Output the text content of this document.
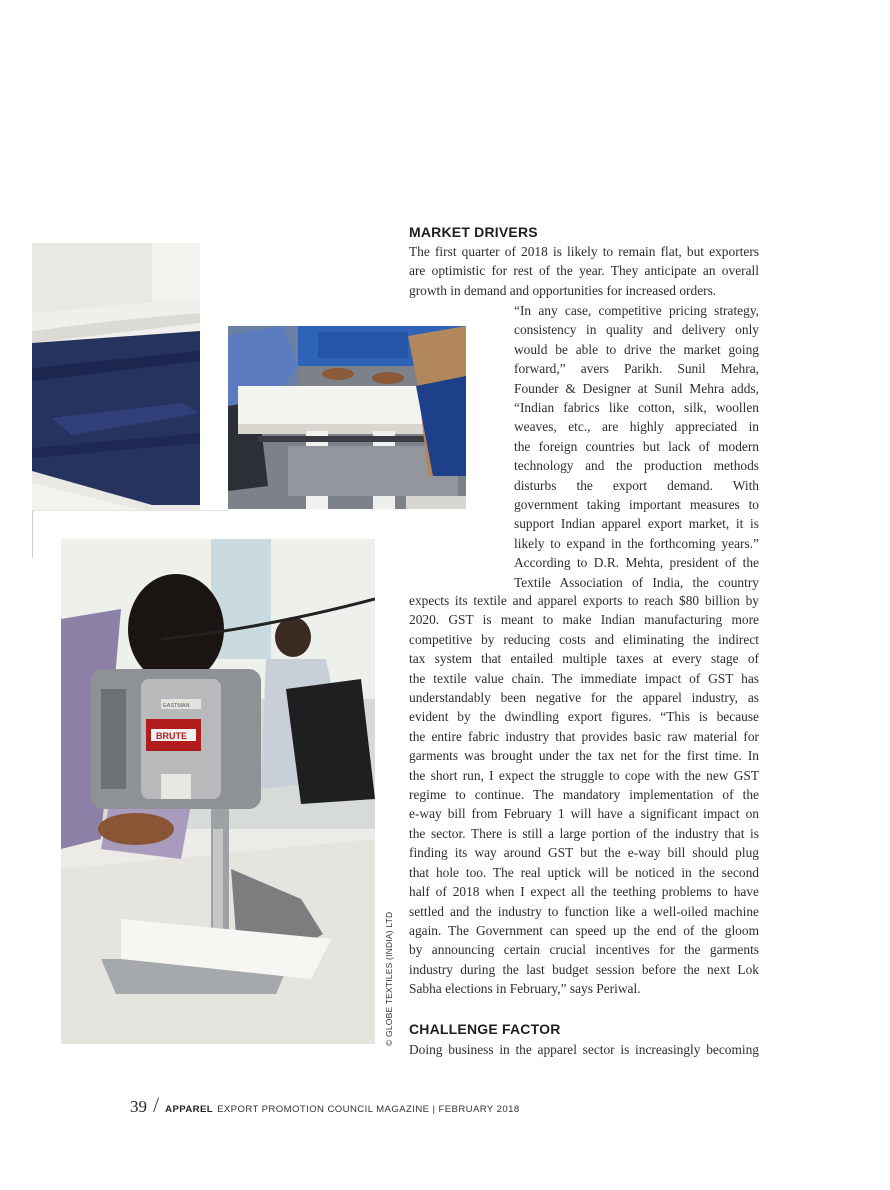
BRUTE
EASTMAN
MARKET DRIVERS
The first quarter of 2018 is likely to remain flat, but exporters
are optimistic for rest of the year. They anticipate an overall
growth in demand and opportunities for increased orders.
“In any case, competitive pricing strategy,
consistency in quality and delivery only
would be able to drive the market going
forward,” avers Parikh. Sunil Mehra,
Founder & Designer at Sunil Mehra adds,
“Indian fabrics like cotton, silk, woollen
weaves, etc., are highly appreciated in
the foreign countries but lack of modern
technology and the production methods
disturbs the export demand. With
government taking important measures to
support Indian apparel export market, it is
likely to expand in the forthcoming years.”
According to D.R. Mehta, president of the
Textile Association of India, the country
expects its textile and apparel exports to reach $80 billion by
2020. GST is meant to make Indian manufacturing more
competitive by reducing costs and eliminating the indirect
tax system that entailed multiple taxes at every stage of
the textile value chain. The immediate impact of GST has
understandably been negative for the apparel industry, as
evident by the dwindling export figures. “This is because
the entire fabric industry that provides basic raw material for
garments was brought under the tax net for the first time. In
the short run, I expect the struggle to cope with the new GST
regime to continue. The mandatory implementation of the
e-way bill from February 1 will have a significant impact on
the sector. There is still a large portion of the industry that is
finding its way around GST but the e-way bill should plug
that hole too. The real uptick will be noticed in the second
half of 2018 when I expect all the teething problems to have
settled and the industry to function like a well-oiled machine
again. The Government can speed up the end of the gloom
by announcing certain crucial incentives for the garments
industry during the last budget session before the next Lok
Sabha elections in February,” says Periwal.
CHALLENGE FACTOR
Doing business in the apparel sector is increasingly becoming
© GLOBE TEXTILES (INDIA) LTD
39 / APPAREL EXPORT PROMOTION COUNCIL MAGAZINE | FEBRUARY 2018
